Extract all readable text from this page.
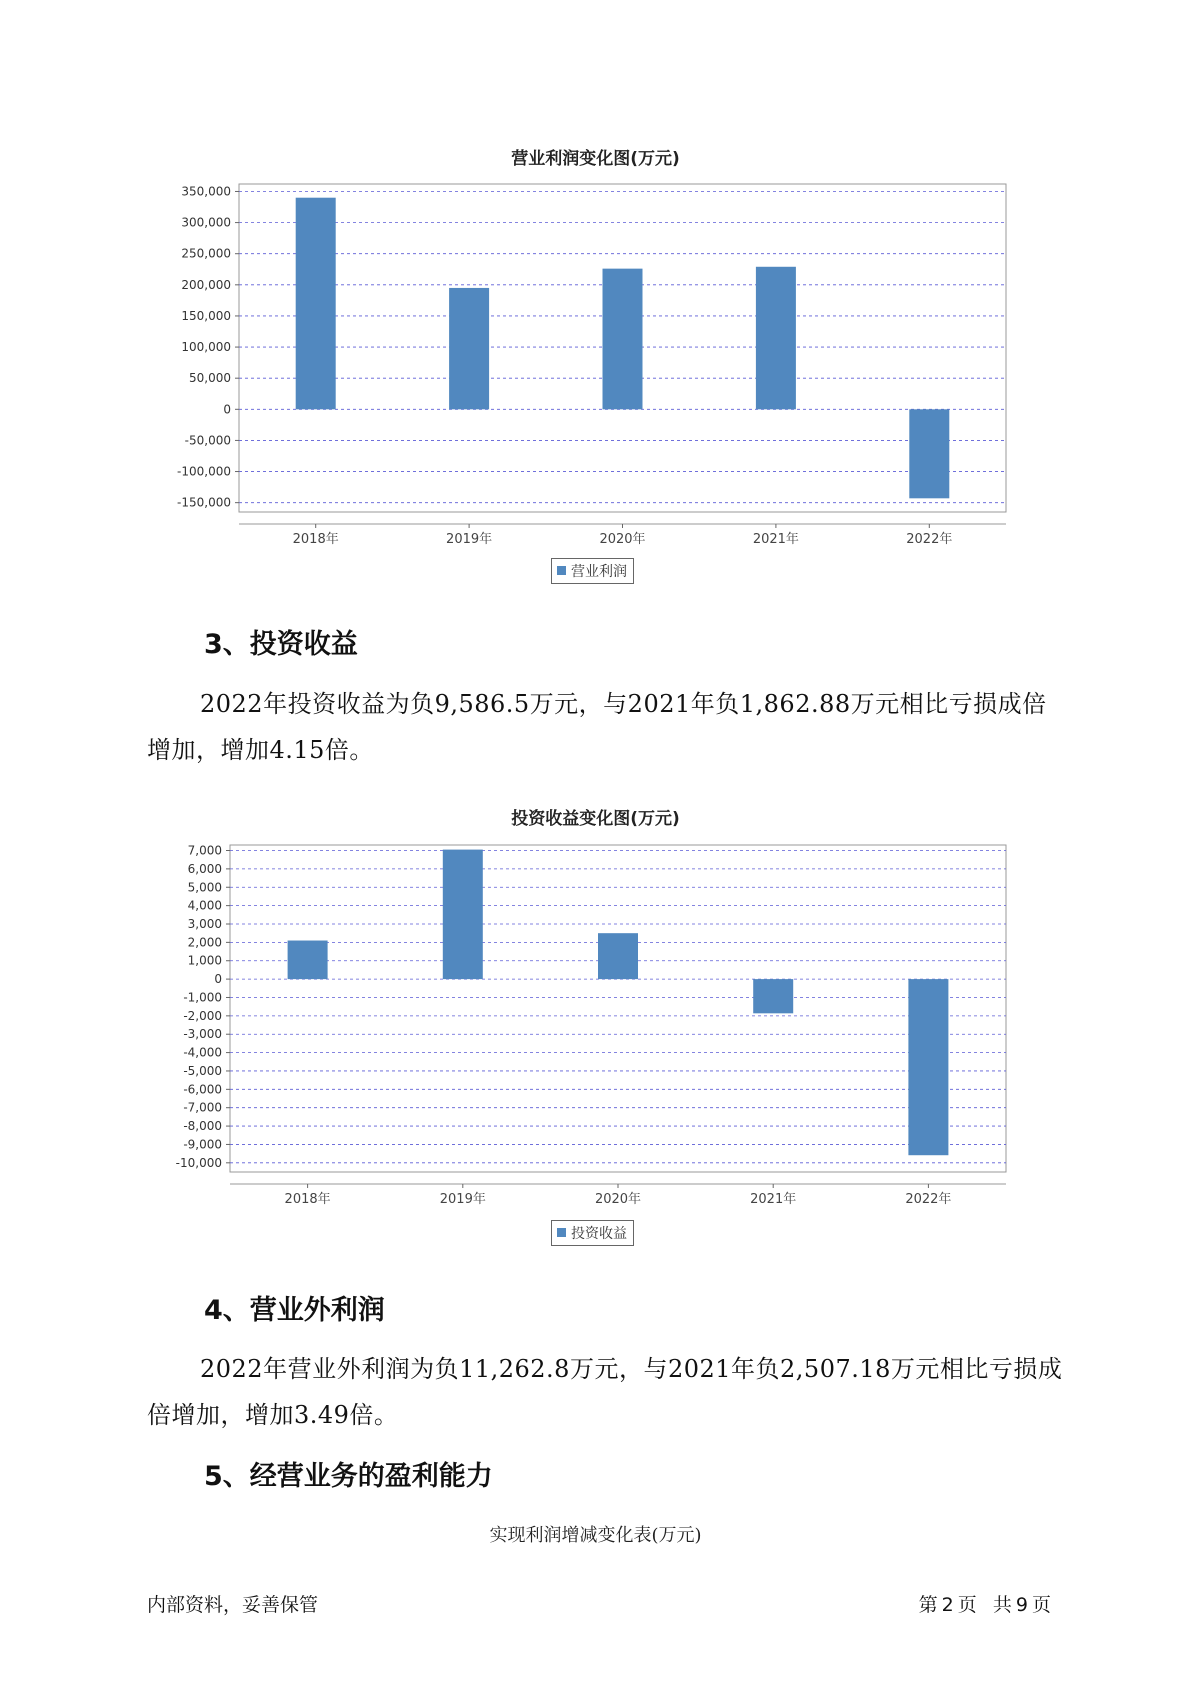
营业利润变化图(万元)
350,000
300,000
250,000
200,000
150,000
100,000
50,000
0
-50,000
-100,000
-150,000
2018年	2019年	2020年	2021年	2022年
营业利润
3、投资收益
2022年投资收益为负9,586.5万元，与2021年负1,862.88万元相比亏损成倍增加，增加4.15倍。
投资收益变化图(万元)
7,000
6,000
5,000
4,000
3,000
2,000
1,000
0
-1,000
-2,000
-3,000
-4,000
-5,000
-6,000
-7,000
-8,000
-9,000
-10,000
2018年	2019年	2020年	2021年	2022年
投资收益
4、营业外利润
2022年营业外利润为负11,262.8万元，与2021年负2,507.18万元相比亏损成倍增加，增加3.49倍。
5、经营业务的盈利能力
实现利润增减变化表(万元)
内部资料，妥善保管	第 2 页 共 9 页
